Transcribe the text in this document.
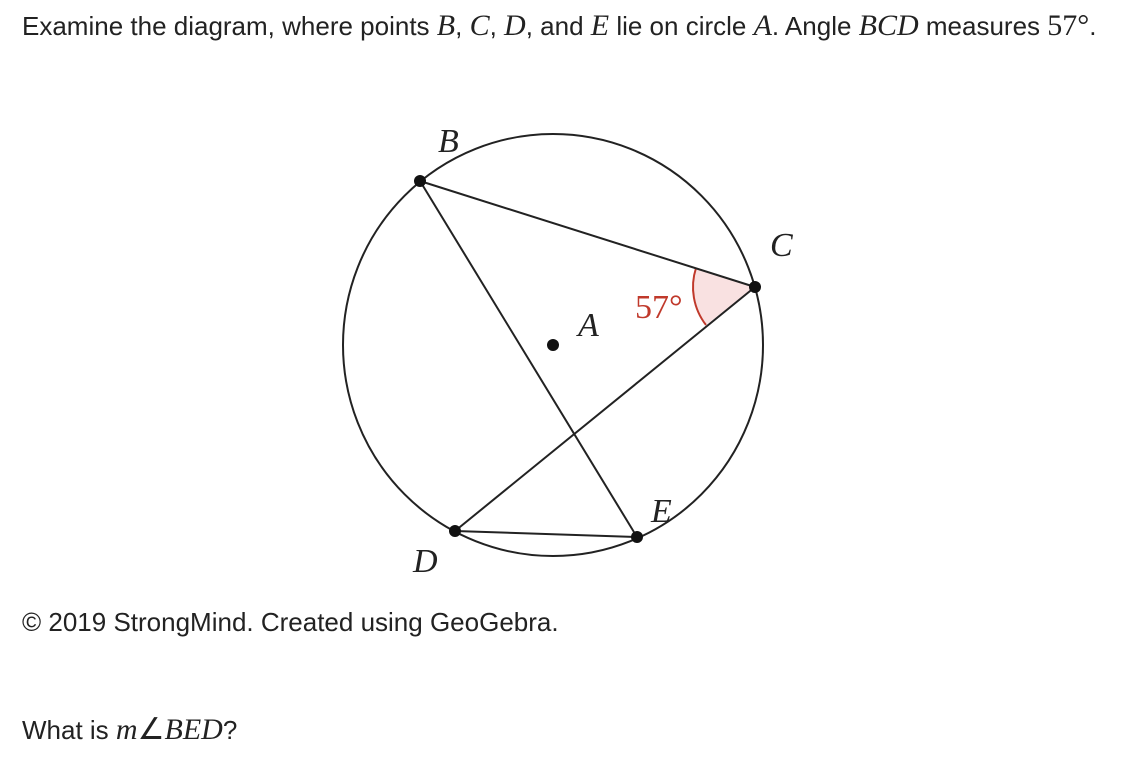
Examine the diagram, where points B, C, D, and E lie on circle A. Angle BCD measures 57°.

B
C
A
D
E
57°

© 2019 StrongMind. Created using GeoGebra.

What is m∠BED?
